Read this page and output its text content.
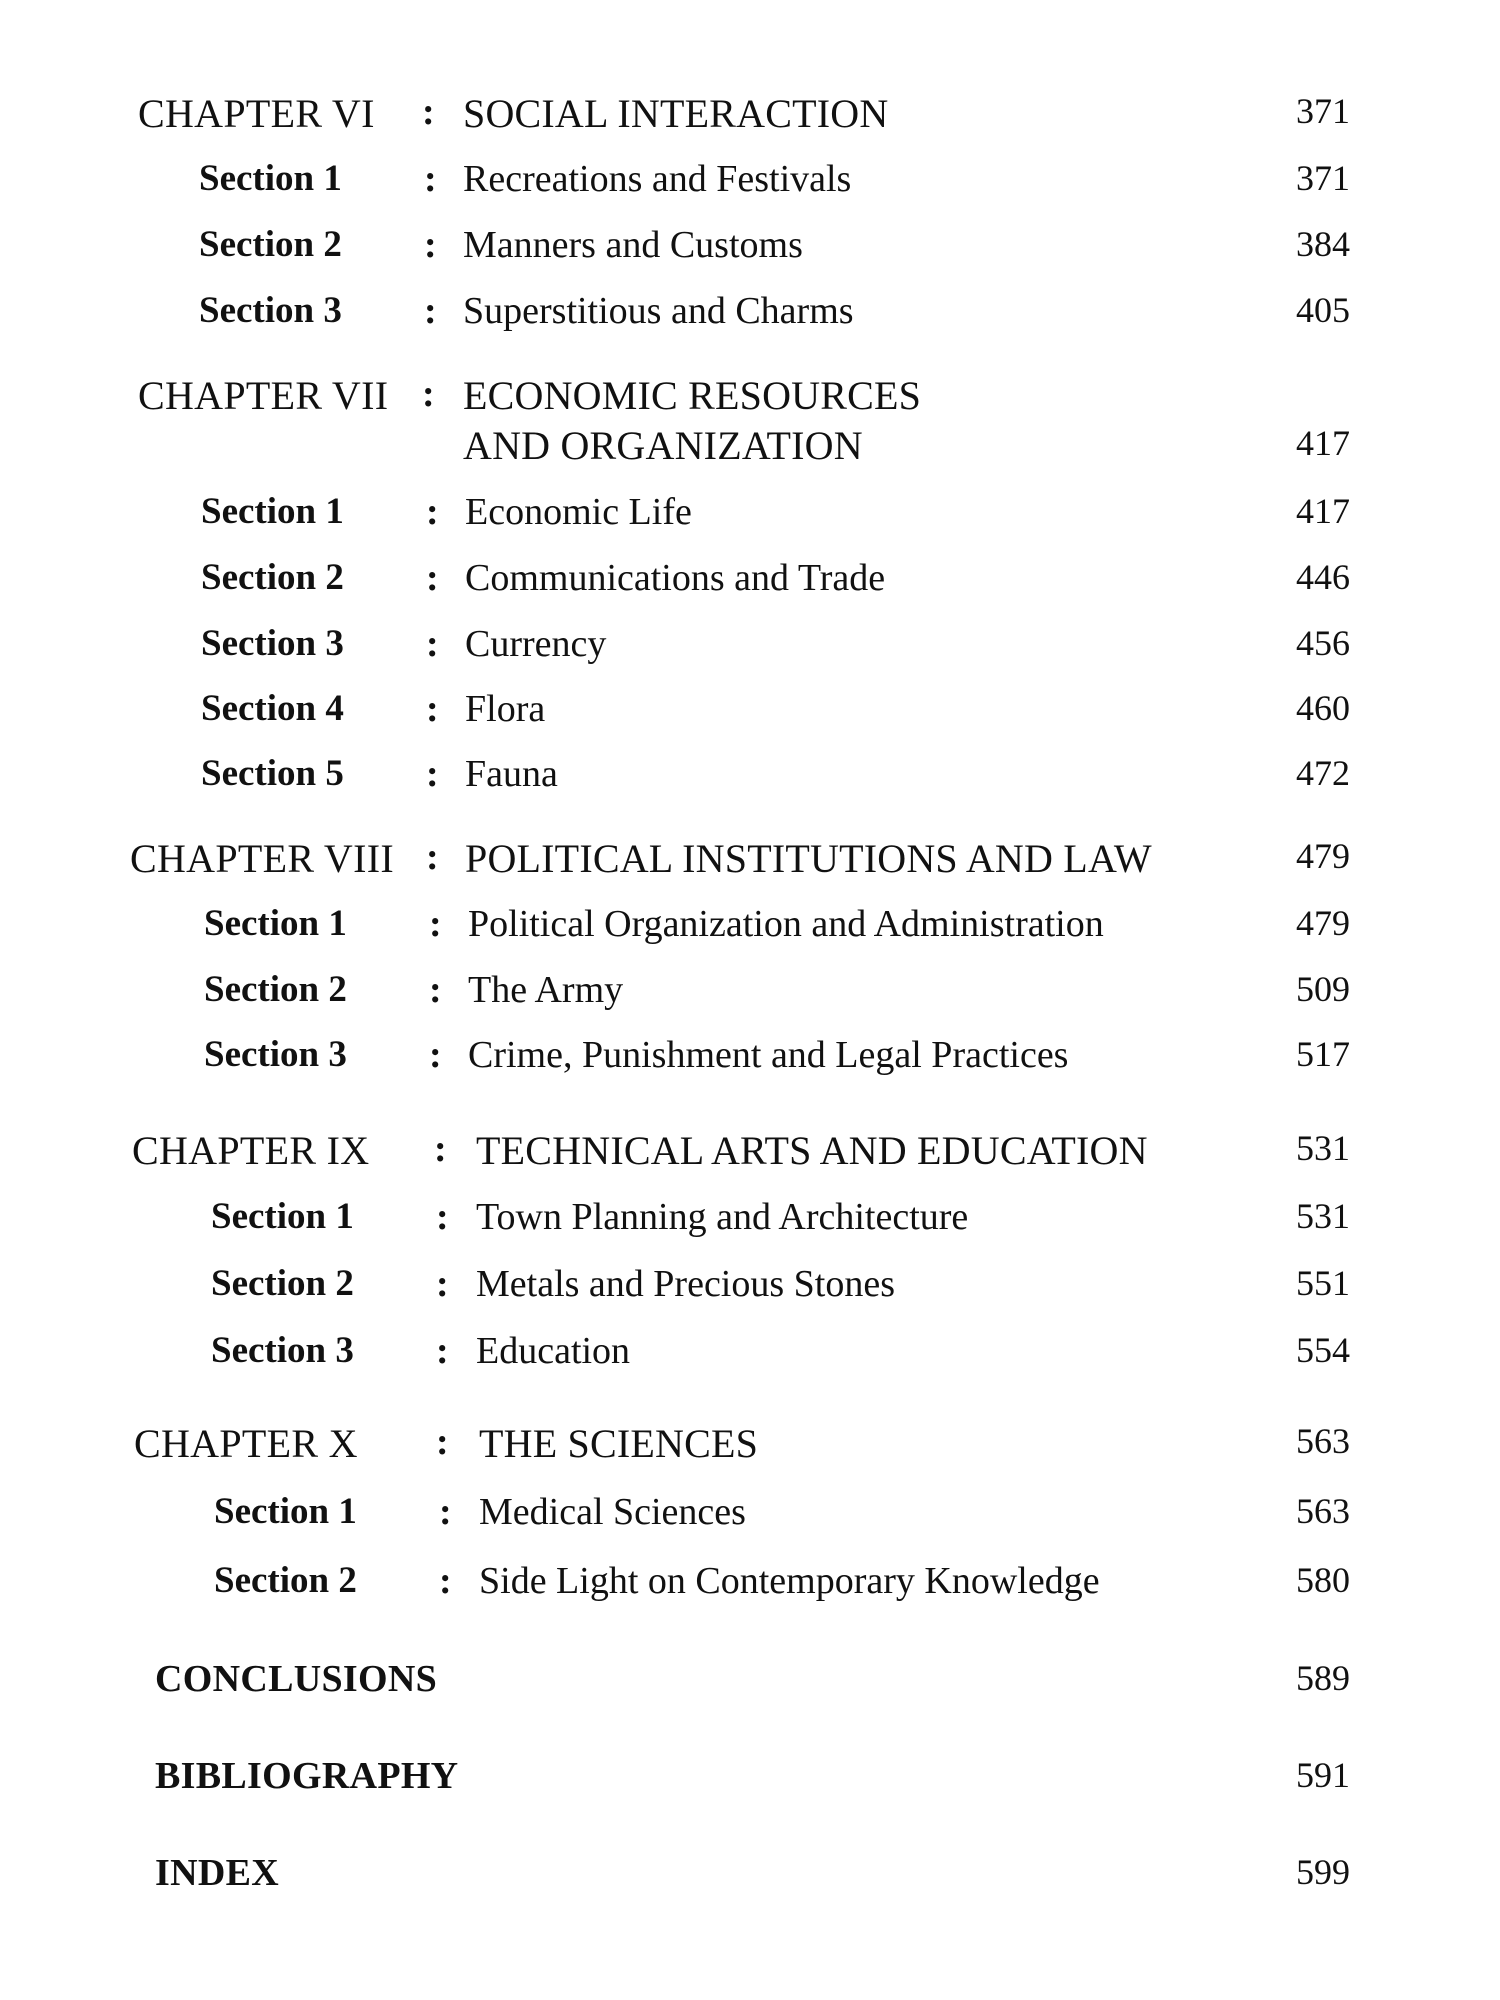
CHAPTER VI : SOCIAL INTERACTION	371
Section 1 : Recreations and Festivals	371
Section 2 : Manners and Customs	384
Section 3 : Superstitious and Charms	405
CHAPTER VII : ECONOMIC RESOURCES
AND ORGANIZATION	417
Section 1 : Economic Life	417
Section 2 : Communications and Trade	446
Section 3 : Currency	456
Section 4 : Flora	460
Section 5 : Fauna	472
CHAPTER VIII : POLITICAL INSTITUTIONS AND LAW	479
Section 1 : Political Organization and Administration	479
Section 2 : The Army	509
Section 3 : Crime, Punishment and Legal Practices	517
CHAPTER IX : TECHNICAL ARTS AND EDUCATION	531
Section 1 : Town Planning and Architecture	531
Section 2 : Metals and Precious Stones	551
Section 3 : Education	554
CHAPTER X : THE SCIENCES	563
Section 1 : Medical Sciences	563
Section 2 : Side Light on Contemporary Knowledge	580
CONCLUSIONS	589
BIBLIOGRAPHY	591
INDEX	599
